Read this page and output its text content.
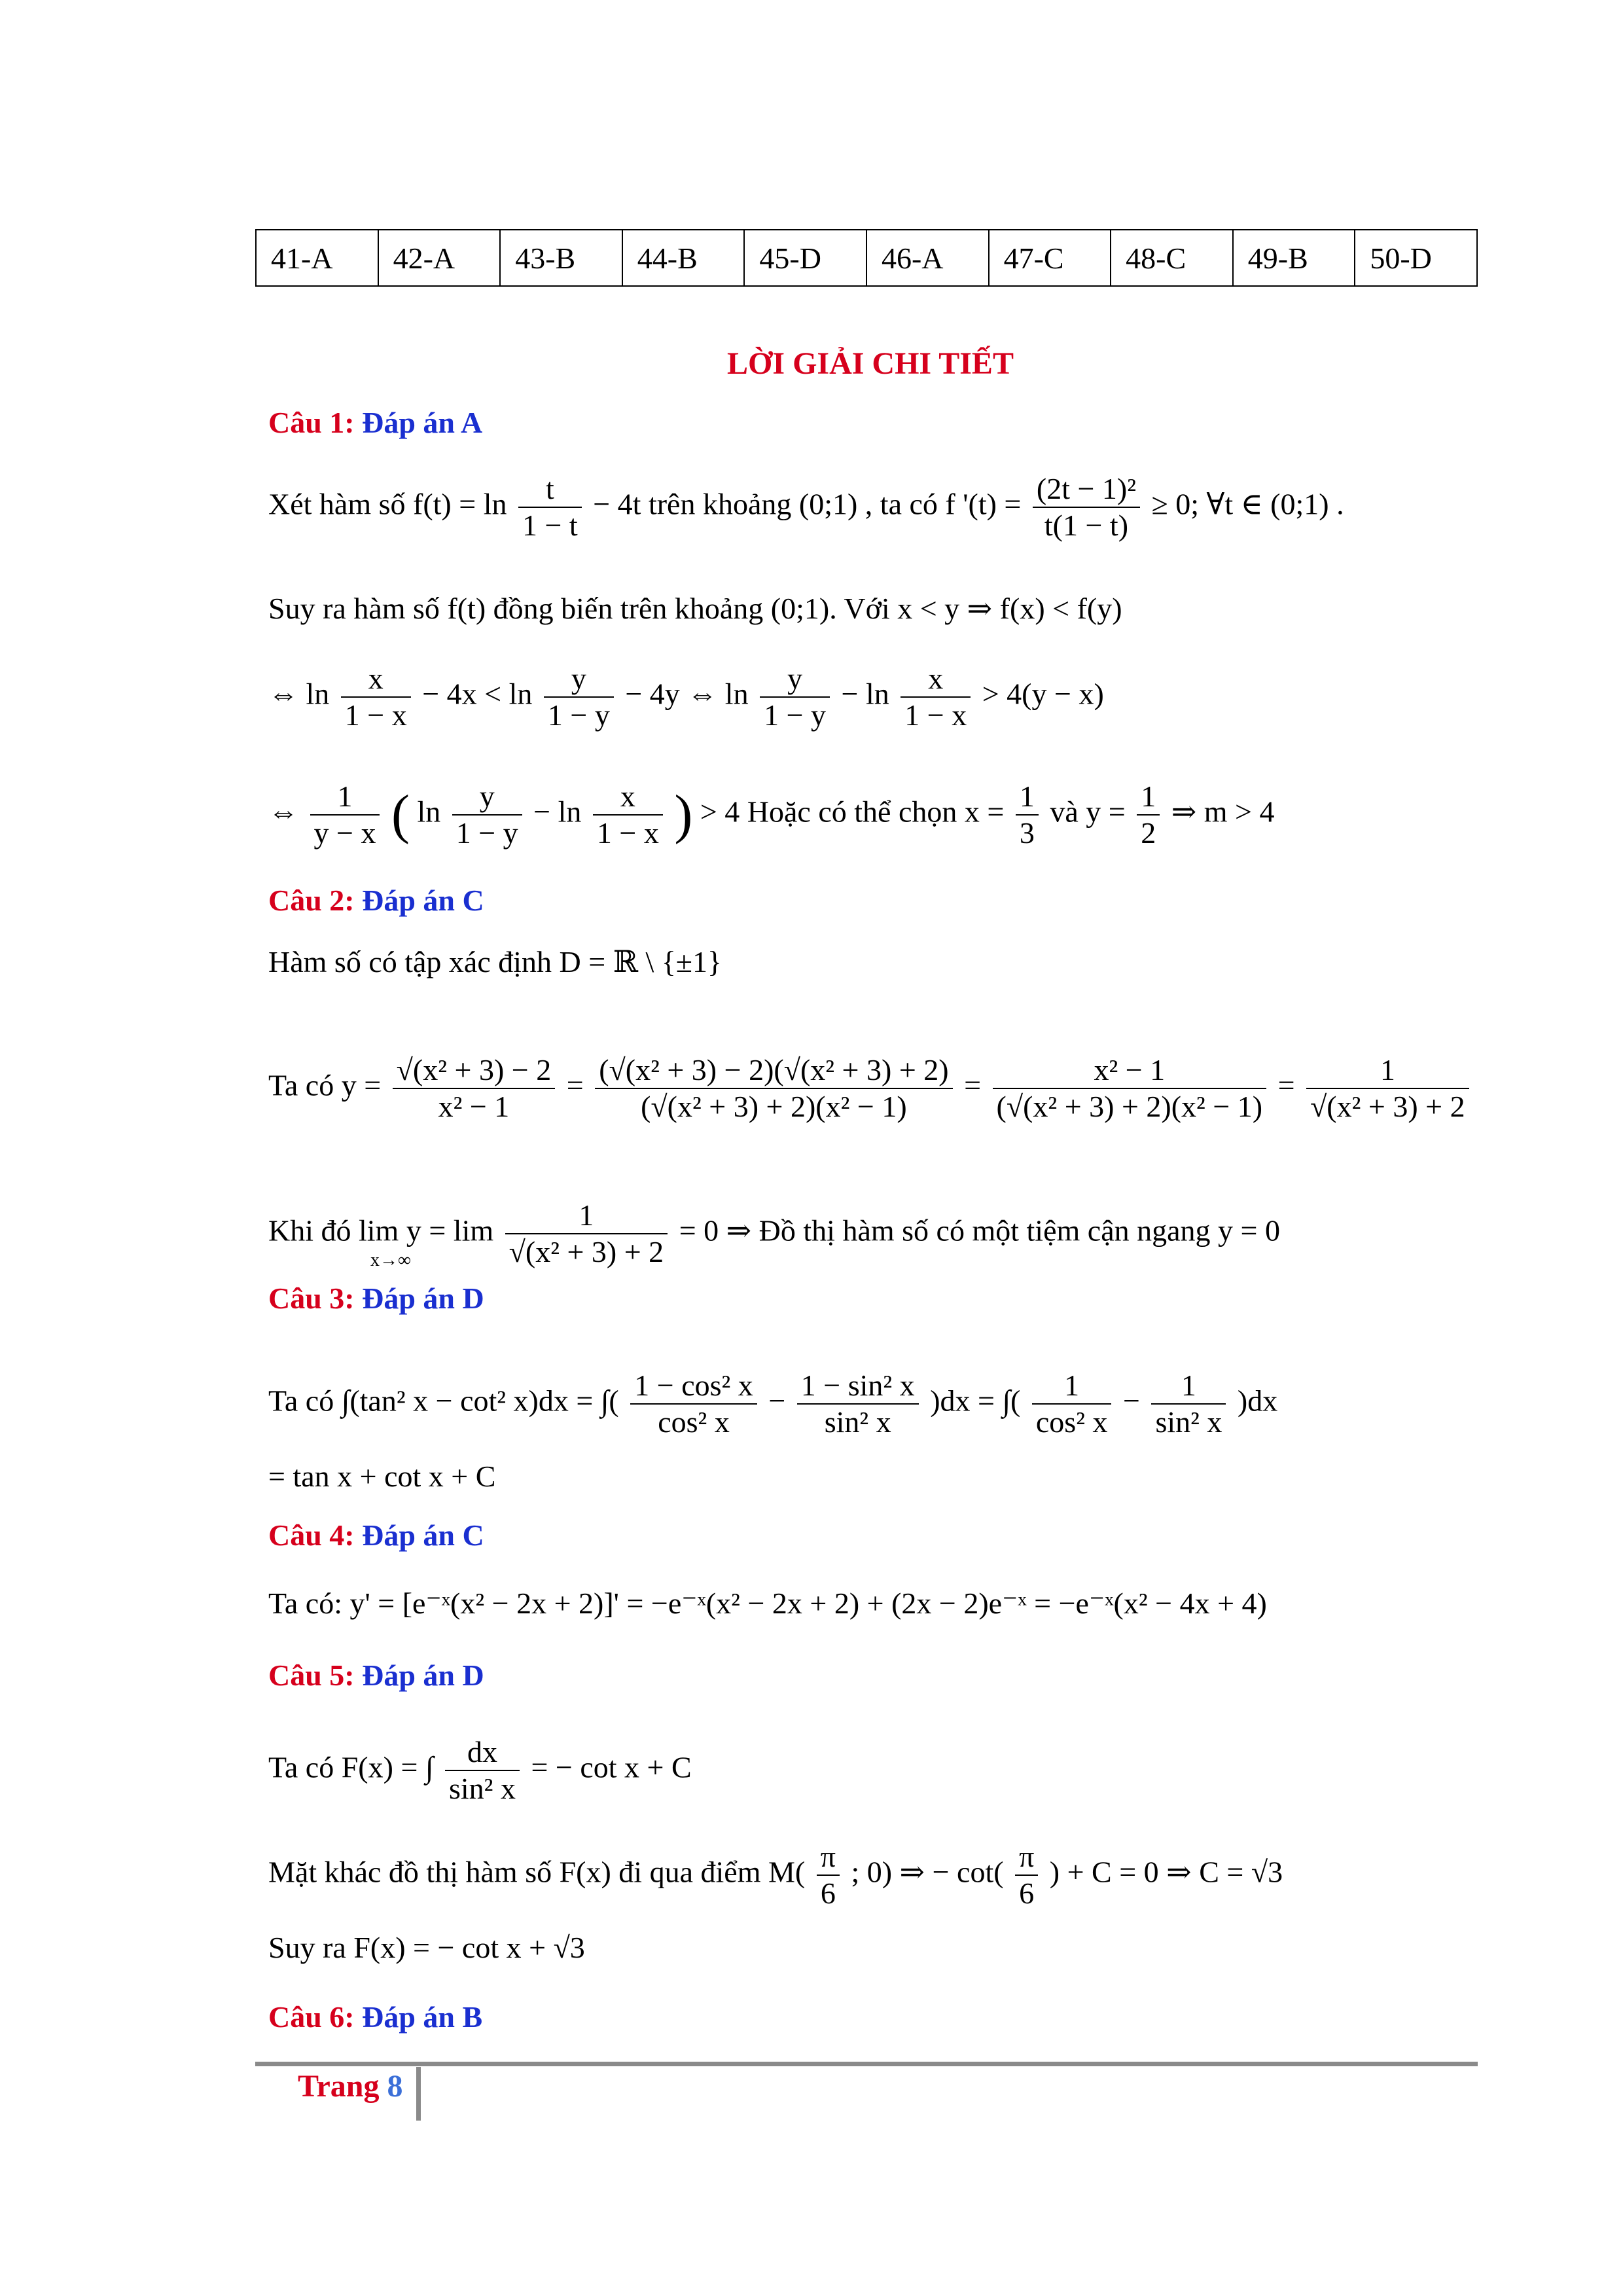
41-A	42-A	43-B	44-B	45-D	46-A	47-C	48-C	49-B	50-D
LỜI GIẢI CHI TIẾT
Câu 1: Đáp án A
Xét hàm số $f(t) = \ln \frac{t}{1 - t} - 4t$ trên khoảng (0;1) , ta có f '$(t) = \frac{\text{(2t − 1)²}}{t(1 - t)} \ge 0$; ∀t ∈ (0;1) .
Suy ra hàm số f(t) đồng biến trên khoảng (0;1). Với x < y ⇒ f(x) < f(y)
⇔ $\ln \frac{x}{1 - x} - 4x < \ln \frac{y}{1 - y} - 4y$ ⇔ $\ln \frac{y}{1 - y} - \ln \frac{x}{1 - x} > 4(y - x)$
⇔ $\frac{1}{y - x}$ ( $\ln \frac{y}{1 - y} - \ln \frac{x}{1 - x}$ ) > 4 Hoặc có thể chọn $x = \frac{1}{3}$ và $y = \frac{1}{2}$ ⇒ m > 4
Câu 2: Đáp án C
Hàm số có tập xác định D = ℝ \ {±1}
Ta có $y = \frac{\text{√(x² + 3) − 2}}{\text{x² − 1}} = \frac{\text{(√(x² + 3) − 2)(√(x² + 3) + 2)}}{\text{(√(x² + 3) + 2)(x² − 1)}} = \frac{\text{x² − 1}}{\text{(√(x² + 3) + 2)(x² − 1)}} = \frac{1}{\text{√(x² + 3) + 2}}$
Khi đó $\lim y = \lim \frac{1}{\text{√(x² + 3) + 2}} = 0$ ⇒ Đồ thị hàm số có một tiệm cận ngang y = 0
x→∞
Câu 3: Đáp án D
Ta có ∫(tan² x − cot² x)dx = ∫( $\frac{\text{1 − cos² x}}{\text{cos² x}} - \frac{\text{1 − sin² x}}{\text{sin² x}} )dx$ = ∫( $\frac{1}{\text{cos² x}} - \frac{1}{\text{sin² x}} )dx$
= tan x + cot x + C
Câu 4: Đáp án C
Ta có: y' = [e⁻ˣ(x² − 2x + 2)]' = −e⁻ˣ(x² − 2x + 2) + (2x − 2)e⁻ˣ = −e⁻ˣ(x² − 4x + 4)
Câu 5: Đáp án D
Ta có F(x) = ∫ $\frac{dx}{\text{sin² x}}$ = − cot x + C
Mặt khác đồ thị hàm số F(x) đi qua điểm $M( \frac{\pi}{6}$ ; 0) ⇒ − $\cot( \frac{\pi}{6}$ ) + C = 0 ⇒ C = √3
Suy ra F(x) = − cot x + √3
Câu 6: Đáp án B
Trang 8
